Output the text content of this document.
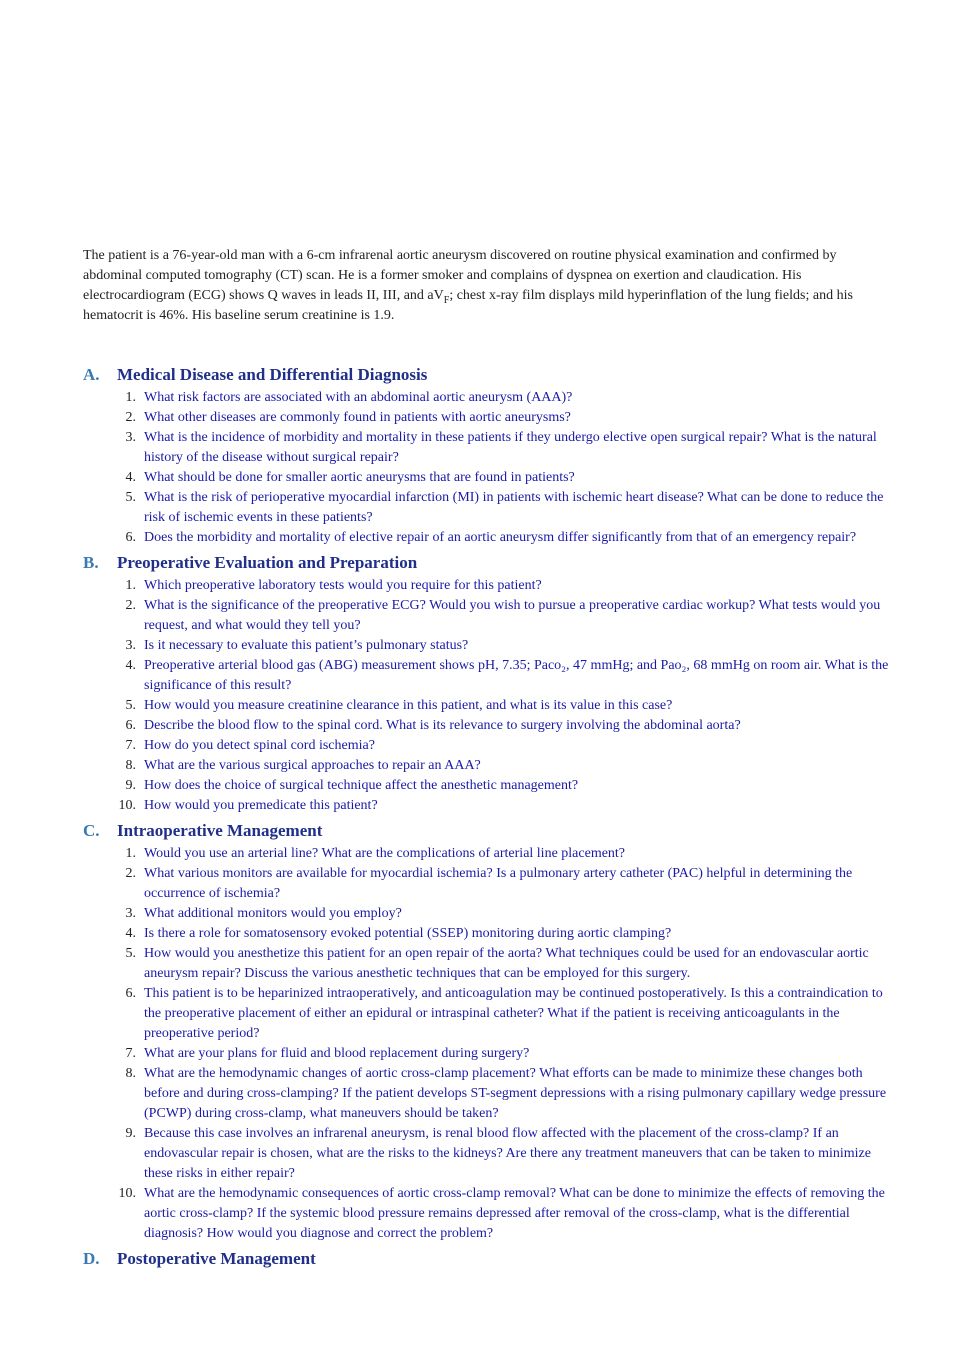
The patient is a 76-year-old man with a 6-cm infrarenal aortic aneurysm discovered on routine physical examination and confirmed by abdominal computed tomography (CT) scan. He is a former smoker and complains of dyspnea on exertion and claudication. His electrocardiogram (ECG) shows Q waves in leads II, III, and $aV_F$; chest x-ray film displays mild hyperinflation of the lung fields; and his hematocrit is 46%. His baseline serum creatinine is 1.9.

A. Medical Disease and Differential Diagnosis
1. What risk factors are associated with an abdominal aortic aneurysm (AAA)?
2. What other diseases are commonly found in patients with aortic aneurysms?
3. What is the incidence of morbidity and mortality in these patients if they undergo elective open surgical repair? What is the natural history of the disease without surgical repair?
4. What should be done for smaller aortic aneurysms that are found in patients?
5. What is the risk of perioperative myocardial infarction (MI) in patients with ischemic heart disease? What can be done to reduce the risk of ischemic events in these patients?
6. Does the morbidity and mortality of elective repair of an aortic aneurysm differ significantly from that of an emergency repair?
B. Preoperative Evaluation and Preparation
1. Which preoperative laboratory tests would you require for this patient?
2. What is the significance of the preoperative ECG? Would you wish to pursue a preoperative cardiac workup? What tests would you request, and what would they tell you?
3. Is it necessary to evaluate this patient’s pulmonary status?
4. Preoperative arterial blood gas (ABG) measurement shows pH, 7.35; Paco₂, 47 mmHg; and Pao₂, 68 mmHg on room air. What is the significance of this result?
5. How would you measure creatinine clearance in this patient, and what is its value in this case?
6. Describe the blood flow to the spinal cord. What is its relevance to surgery involving the abdominal aorta?
7. How do you detect spinal cord ischemia?
8. What are the various surgical approaches to repair an AAA?
9. How does the choice of surgical technique affect the anesthetic management?
10. How would you premedicate this patient?
C. Intraoperative Management
1. Would you use an arterial line? What are the complications of arterial line placement?
2. What various monitors are available for myocardial ischemia? Is a pulmonary artery catheter (PAC) helpful in determining the occurrence of ischemia?
3. What additional monitors would you employ?
4. Is there a role for somatosensory evoked potential (SSEP) monitoring during aortic clamping?
5. How would you anesthetize this patient for an open repair of the aorta? What techniques could be used for an endovascular aortic aneurysm repair? Discuss the various anesthetic techniques that can be employed for this surgery.
6. This patient is to be heparinized intraoperatively, and anticoagulation may be continued postoperatively. Is this a contraindication to the preoperative placement of either an epidural or intraspinal catheter? What if the patient is receiving anticoagulants in the preoperative period?
7. What are your plans for fluid and blood replacement during surgery?
8. What are the hemodynamic changes of aortic cross-clamp placement? What efforts can be made to minimize these changes both before and during cross-clamping? If the patient develops ST-segment depressions with a rising pulmonary capillary wedge pressure (PCWP) during cross-clamp, what maneuvers should be taken?
9. Because this case involves an infrarenal aneurysm, is renal blood flow affected with the placement of the cross-clamp? If an endovascular repair is chosen, what are the risks to the kidneys? Are there any treatment maneuvers that can be taken to minimize these risks in either repair?
10. What are the hemodynamic consequences of aortic cross-clamp removal? What can be done to minimize the effects of removing the aortic cross-clamp? If the systemic blood pressure remains depressed after removal of the cross-clamp, what is the differential diagnosis? How would you diagnose and correct the problem?
D. Postoperative Management
